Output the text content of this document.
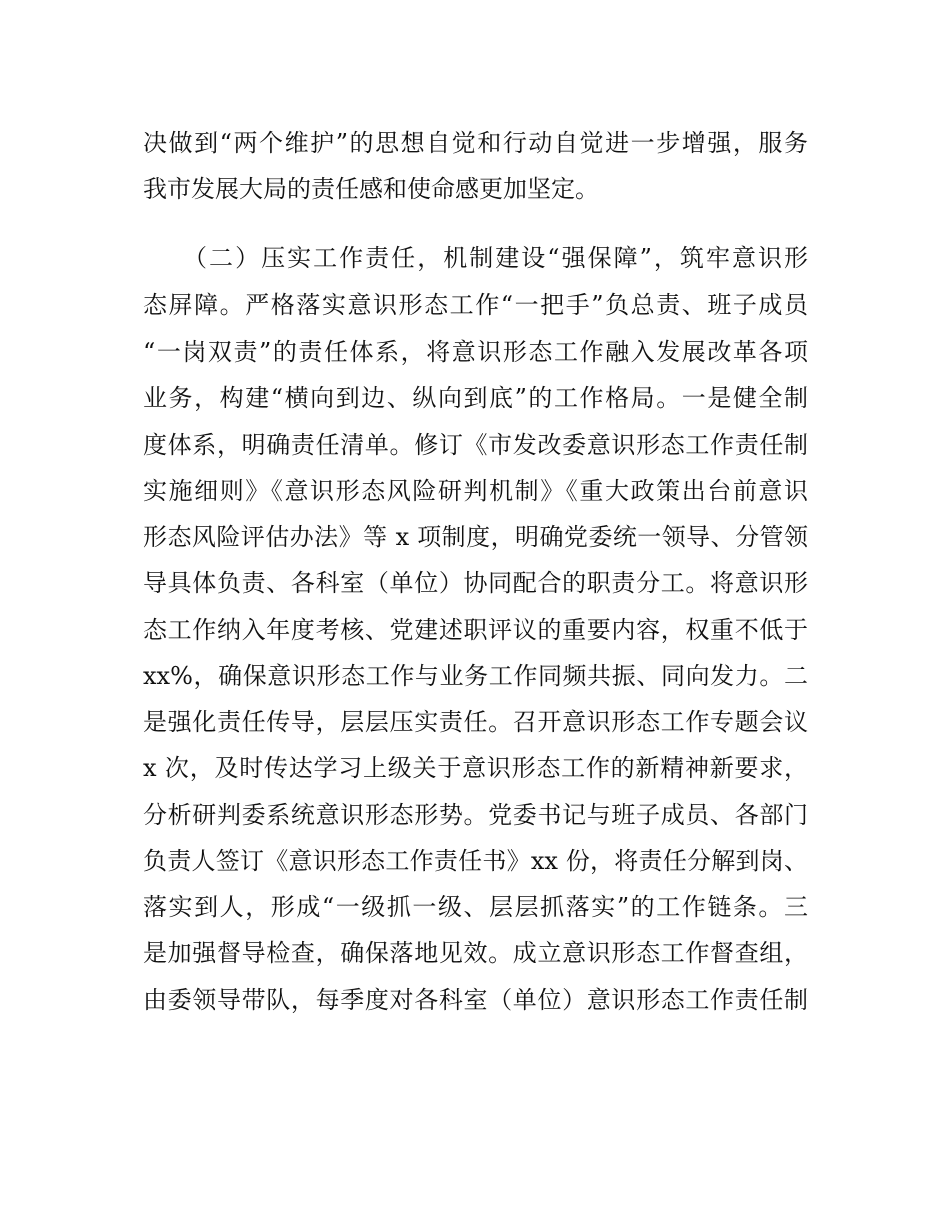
决做到“两个维护”的思想自觉和行动自觉进一步增强，服务
我市发展大局的责任感和使命感更加坚定。
　　（二）压实工作责任，机制建设“强保障”，筑牢意识形
态屏障。严格落实意识形态工作“一把手”负总责、班子成员
“一岗双责”的责任体系，将意识形态工作融入发展改革各项
业务，构建“横向到边、纵向到底”的工作格局。一是健全制
度体系，明确责任清单。修订《市发改委意识形态工作责任制
实施细则》《意识形态风险研判机制》《重大政策出台前意识
形态风险评估办法》等 x 项制度，明确党委统一领导、分管领
导具体负责、各科室（单位）协同配合的职责分工。将意识形
态工作纳入年度考核、党建述职评议的重要内容，权重不低于
xx%，确保意识形态工作与业务工作同频共振、同向发力。二
是强化责任传导，层层压实责任。召开意识形态工作专题会议
x 次，及时传达学习上级关于意识形态工作的新精神新要求，
分析研判委系统意识形态形势。党委书记与班子成员、各部门
负责人签订《意识形态工作责任书》xx 份，将责任分解到岗、
落实到人，形成“一级抓一级、层层抓落实”的工作链条。三
是加强督导检查，确保落地见效。成立意识形态工作督查组，
由委领导带队，每季度对各科室（单位）意识形态工作责任制
